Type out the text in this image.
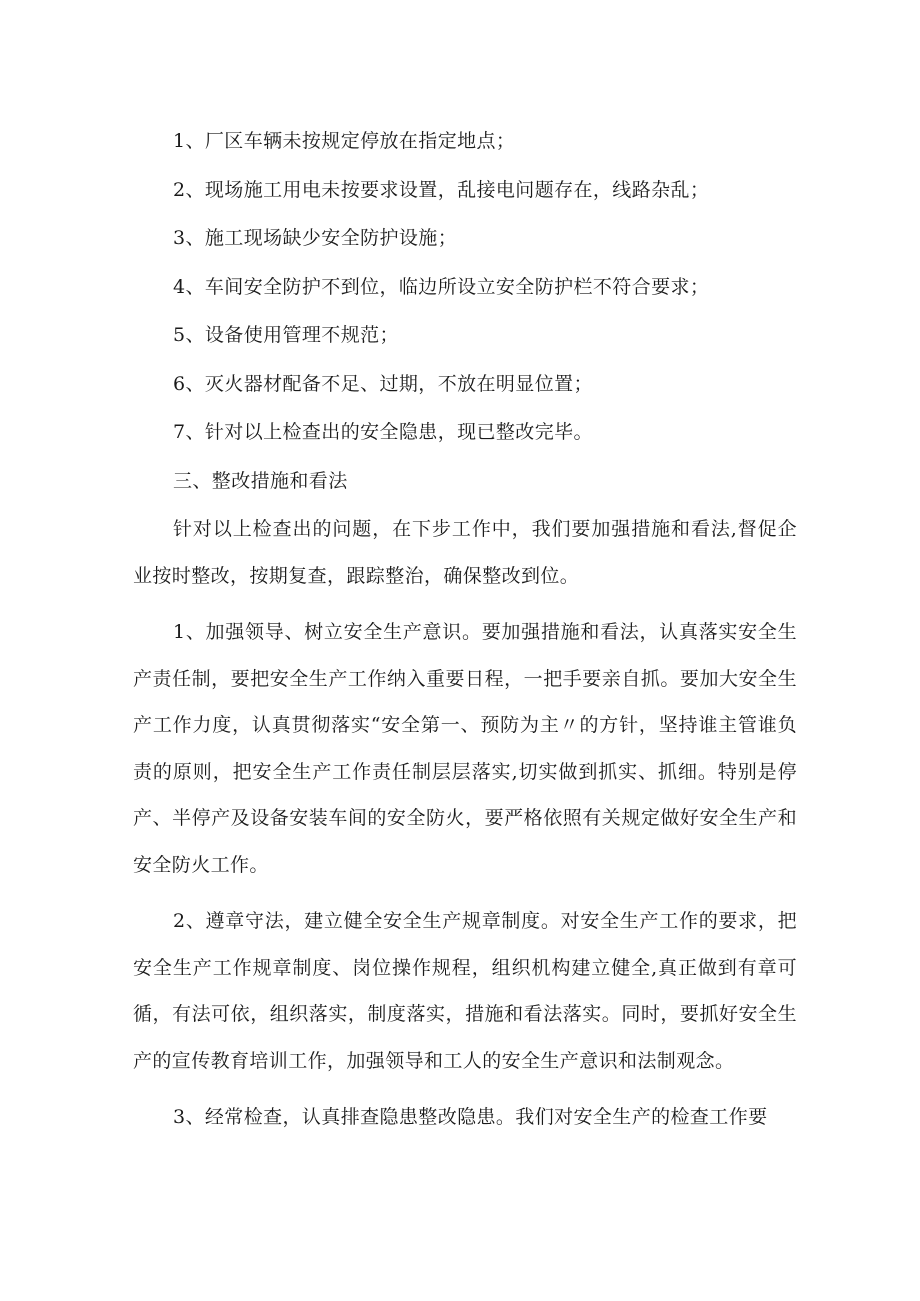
1、厂区车辆未按规定停放在指定地点；

2、现场施工用电未按要求设置，乱接电问题存在，线路杂乱；

3、施工现场缺少安全防护设施；

4、车间安全防护不到位，临边所设立安全防护栏不符合要求；

5、设备使用管理不规范；

6、灭火器材配备不足、过期，不放在明显位置；

7、针对以上检查出的安全隐患，现已整改完毕。

三、整改措施和看法

针对以上检查出的问题，在下步工作中，我们要加强措施和看法,督促企业按时整改，按期复查，跟踪整治，确保整改到位。

1、加强领导、树立安全生产意识。要加强措施和看法，认真落实安全生产责任制，要把安全生产工作纳入重要日程，一把手要亲自抓。要加大安全生产工作力度，认真贯彻落实“安全第一、预防为主〃的方针，坚持谁主管谁负责的原则，把安全生产工作责任制层层落实,切实做到抓实、抓细。特别是停产、半停产及设备安装车间的安全防火，要严格依照有关规定做好安全生产和安全防火工作。

2、遵章守法，建立健全安全生产规章制度。对安全生产工作的要求，把安全生产工作规章制度、岗位操作规程，组织机构建立健全,真正做到有章可循，有法可依，组织落实，制度落实，措施和看法落实。同时，要抓好安全生产的宣传教育培训工作，加强领导和工人的安全生产意识和法制观念。

3、经常检查，认真排查隐患整改隐患。我们对安全生产的检查工作要
